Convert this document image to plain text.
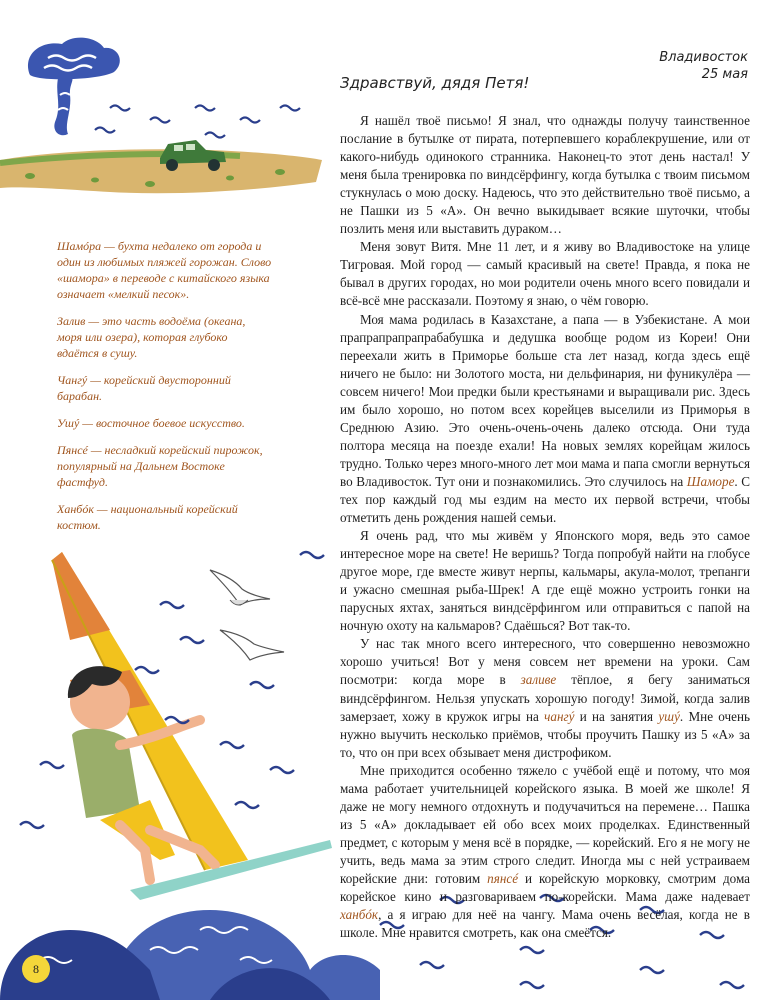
Владивосток
25 мая
Здравствуй, дядя Петя!

Я нашёл твоё письмо! Я знал, что однажды получу таинственное послание в бутылке от пирата, потерпевшего кораблекрушение, или от какого-нибудь одинокого странника. Наконец-то этот день настал! У меня была тренировка по виндсёрфингу, когда бутылка с твоим письмом стукнулась о мою доску. Надеюсь, что это действительно твоё письмо, а не Пашки из 5 «А». Он вечно выкидывает всякие шуточки, чтобы позлить меня или выставить дураком…

Меня зовут Витя. Мне 11 лет, и я живу во Владивостоке на улице Тигровая. Мой город — самый красивый на свете! Правда, я пока не бывал в других городах, но мои родители очень много всего повидали и всё-всё мне рассказали. Поэтому я знаю, о чём говорю.

Моя мама родилась в Казахстане, а папа — в Узбекистане. А мои прапрапрапрапрабабушка и дедушка вообще родом из Кореи! Они переехали жить в Приморье больше ста лет назад, когда здесь ещё ничего не было: ни Золотого моста, ни дельфинария, ни фуникулёра — совсем ничего! Мои предки были крестьянами и выращивали рис. Здесь им было хорошо, но потом всех корейцев выселили из Приморья в Среднюю Азию. Это очень-очень-очень далеко отсюда. Они туда полтора месяца на поезде ехали! На новых землях корейцам жилось трудно. Только через много-много лет мои мама и папа смогли вернуться во Владивосток. Тут они и познакомились. Это случилось на Шаморе. С тех пор каждый год мы ездим на место их первой встречи, чтобы отметить день рождения нашей семьи.

Я очень рад, что мы живём у Японского моря, ведь это самое интересное море на свете! Не веришь? Тогда попробуй найти на глобусе другое море, где вместе живут нерпы, кальмары, акула-молот, трепанги и ужасно смешная рыба-Шрек! А где ещё можно устроить гонки на парусных яхтах, заняться виндсёрфингом или отправиться с папой на ночную охоту на кальмаров? Сдаёшься? Вот так-то.

У нас так много всего интересного, что совершенно невозможно хорошо учиться! Вот у меня совсем нет времени на уроки. Сам посмотри: когда море в заливе тёплое, я бегу заниматься виндсёрфингом. Нельзя упускать хорошую погоду! Зимой, когда залив замерзает, хожу в кружок игры на чангý и на занятия ушý. Мне очень нужно выучить несколько приёмов, чтобы проучить Пашку из 5 «А» за то, что он при всех обзывает меня дистрофиком.

Мне приходится особенно тяжело с учёбой ещё и потому, что моя мама работает учительницей корейского языка. В моей же школе! Я даже не могу немного отдохнуть и подучачиться на перемене… Пашка из 5 «А» докладывает ей обо всех моих проделках. Единственный предмет, с которым у меня всё в порядке, — корейский. Его я не могу не учить, ведь мама за этим строго следит. Иногда мы с ней устраиваем корейские дни: готовим пянсé и корейскую морковку, смотрим дома корейское кино и разговариваем по-корейски. Мама даже надевает ханбóк, а я играю для неё на чангу. Мама очень весёлая, когда не в школе. Мне нравится смотреть, как она смеётся.

Шамóра — бухта недалеко от города и один из любимых пляжей горожан. Слово «шамора» в переводе с китайского языка означает «мелкий песок».

Залив — это часть водоёма (океана, моря или озера), которая глубоко вдаётся в сушу.

Чангý — корейский двусторонний барабан.

Ушý — восточное боевое искусство.

Пянсé — несладкий корейский пирожок, популярный на Дальнем Востоке фастфуд.

Ханбóк — национальный корейский костюм.

8
